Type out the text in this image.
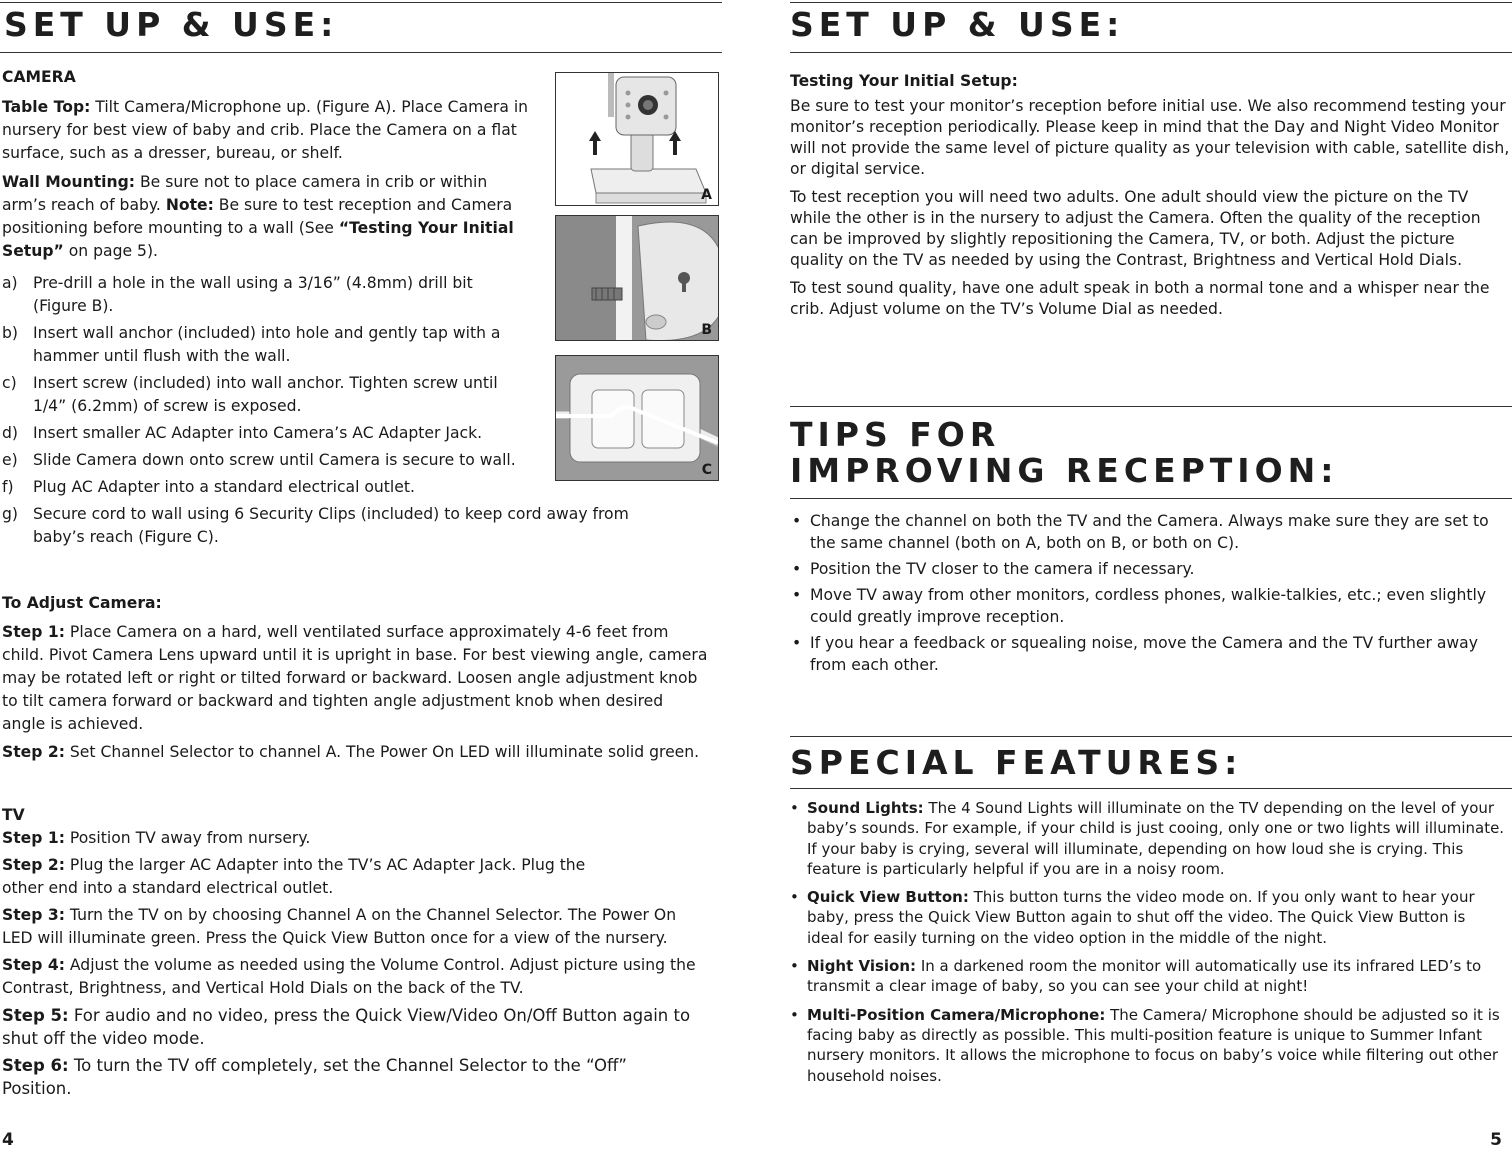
SET UP & USE:

CAMERA

Table Top: Tilt Camera/Microphone up. (Figure A). Place Camera in nursery for best view of baby and crib. Place the Camera on a flat surface, such as a dresser, bureau, or shelf.

Wall Mounting: Be sure not to place camera in crib or within arm’s reach of baby. Note: Be sure to test reception and Camera positioning before mounting to a wall (See “Testing Your Initial Setup” on page 5).

a) Pre-drill a hole in the wall using a 3/16” (4.8mm) drill bit (Figure B).
b) Insert wall anchor (included) into hole and gently tap with a hammer until flush with the wall.
c) Insert screw (included) into wall anchor. Tighten screw until 1/4” (6.2mm) of screw is exposed.
d) Insert smaller AC Adapter into Camera’s AC Adapter Jack.
e) Slide Camera down onto screw until Camera is secure to wall.
f) Plug AC Adapter into a standard electrical outlet.
g) Secure cord to wall using 6 Security Clips (included) to keep cord away from baby’s reach (Figure C).

To Adjust Camera:

Step 1: Place Camera on a hard, well ventilated surface approximately 4-6 feet from child. Pivot Camera Lens upward until it is upright in base. For best viewing angle, camera may be rotated left or right or tilted forward or backward. Loosen angle adjustment knob to tilt camera forward or backward and tighten angle adjustment knob when desired angle is achieved.

Step 2: Set Channel Selector to channel A. The Power On LED will illuminate solid green.

TV

Step 1: Position TV away from nursery.

Step 2: Plug the larger AC Adapter into the TV’s AC Adapter Jack. Plug the other end into a standard electrical outlet.

Step 3: Turn the TV on by choosing Channel A on the Channel Selector. The Power On LED will illuminate green. Press the Quick View Button once for a view of the nursery.

Step 4: Adjust the volume as needed using the Volume Control. Adjust picture using the Contrast, Brightness, and Vertical Hold Dials on the back of the TV.

Step 5: For audio and no video, press the Quick View/Video On/Off Button again to shut off the video mode.

Step 6: To turn the TV off completely, set the Channel Selector to the “Off” Position.

A
B
C
4
SET UP & USE:

Testing Your Initial Setup:

Be sure to test your monitor’s reception before initial use. We also recommend testing your monitor’s reception periodically. Please keep in mind that the Day and Night Video Monitor will not provide the same level of picture quality as your television with cable, satellite dish, or digital service.

To test reception you will need two adults. One adult should view the picture on the TV while the other is in the nursery to adjust the Camera. Often the quality of the reception can be improved by slightly repositioning the Camera, TV, or both. Adjust the picture quality on the TV as needed by using the Contrast, Brightness and Vertical Hold Dials.

To test sound quality, have one adult speak in both a normal tone and a whisper near the crib. Adjust volume on the TV’s Volume Dial as needed.

TIPS FOR
IMPROVING RECEPTION:
• Change the channel on both the TV and the Camera. Always make sure they are set to the same channel (both on A, both on B, or both on C).
• Position the TV closer to the camera if necessary.
• Move TV away from other monitors, cordless phones, walkie-talkies, etc.; even slightly could greatly improve reception.
• If you hear a feedback or squealing noise, move the Camera and the TV further away from each other.
SPECIAL FEATURES:
• Sound Lights: The 4 Sound Lights will illuminate on the TV depending on the level of your baby’s sounds. For example, if your child is just cooing, only one or two lights will illuminate. If your baby is crying, several will illuminate, depending on how loud she is crying. This feature is particularly helpful if you are in a noisy room.
• Quick View Button: This button turns the video mode on. If you only want to hear your baby, press the Quick View Button again to shut off the video. The Quick View Button is ideal for easily turning on the video option in the middle of the night.
• Night Vision: In a darkened room the monitor will automatically use its infrared LED’s to transmit a clear image of baby, so you can see your child at night!
• Multi-Position Camera/Microphone: The Camera/ Microphone should be adjusted so it is facing baby as directly as possible. This multi-position feature is unique to Summer Infant nursery monitors. It allows the microphone to focus on baby’s voice while filtering out other household noises.
5
